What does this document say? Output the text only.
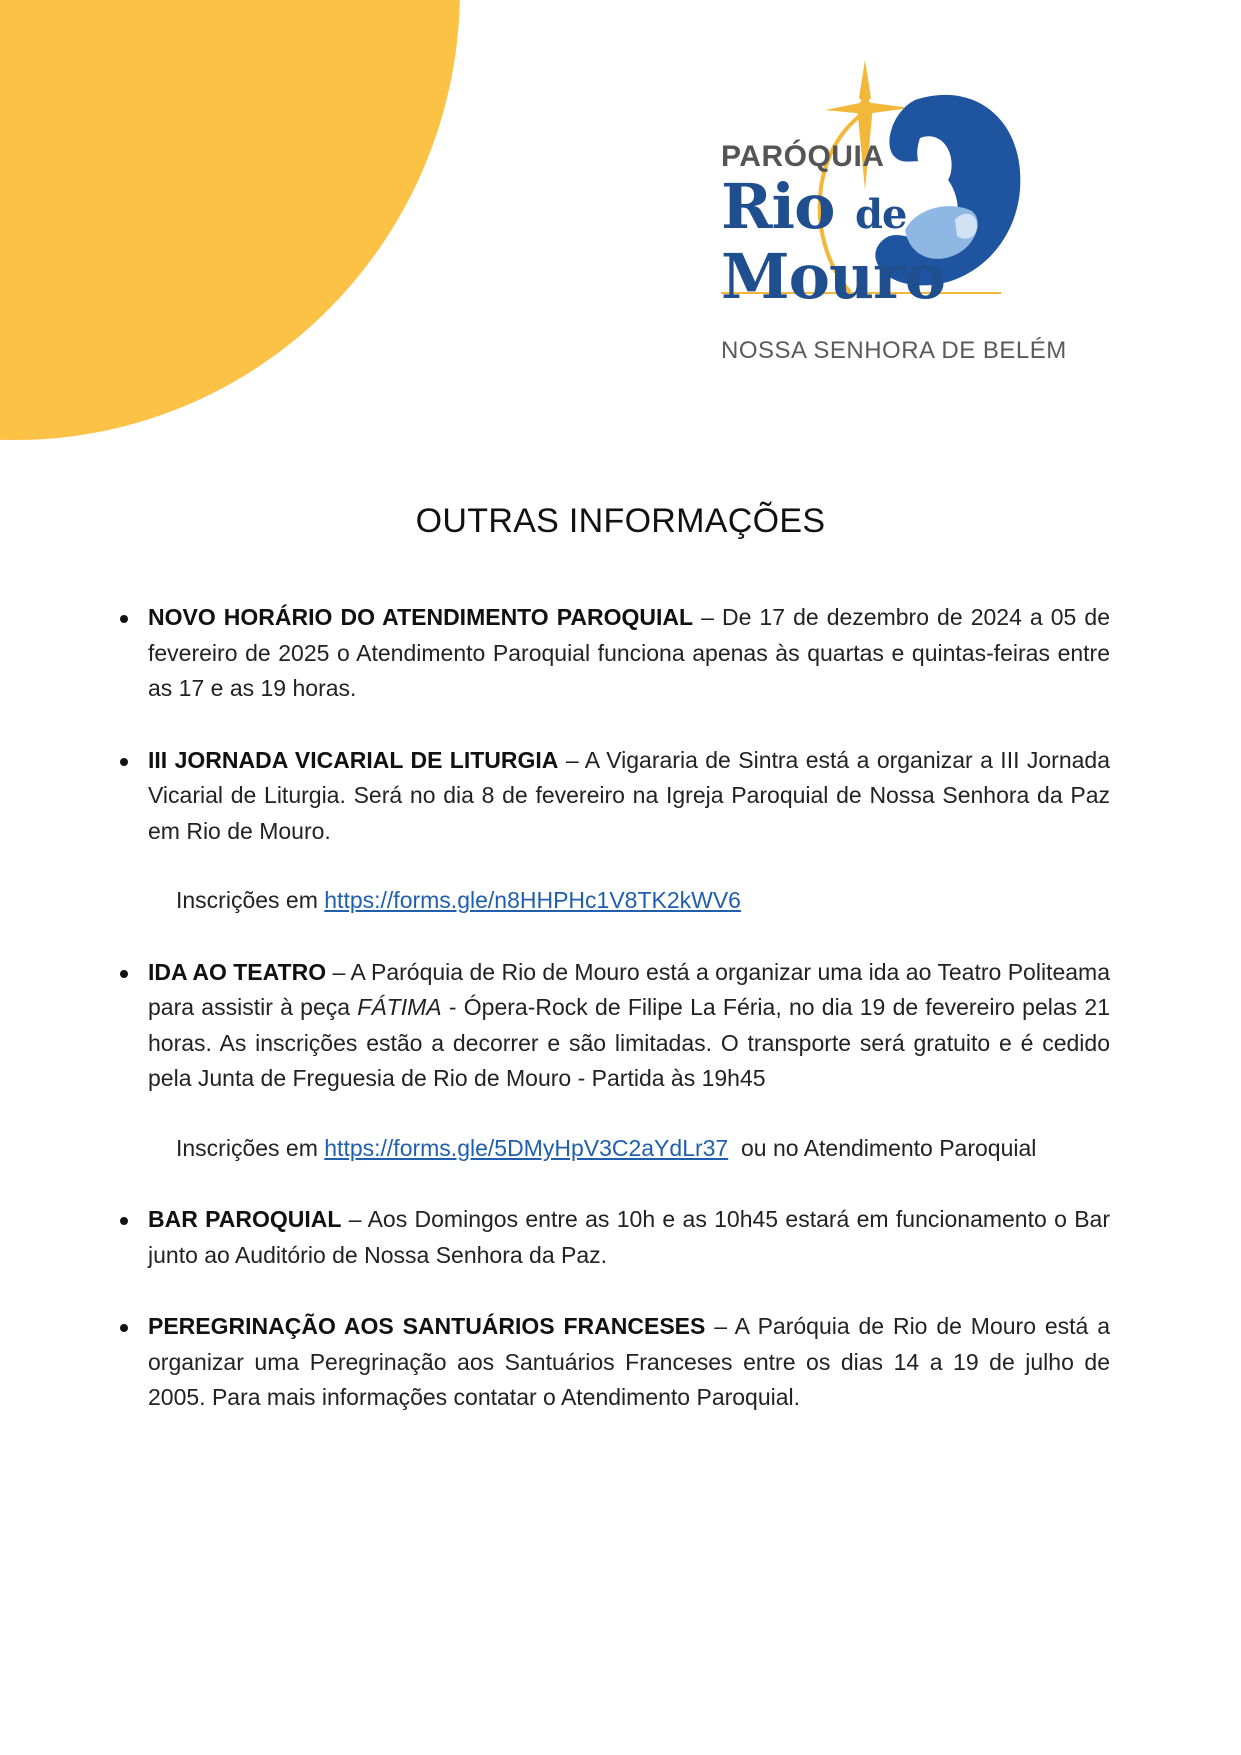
PARÓQUIA
Rio de
Mouro
NOSSA SENHORA DE BELÉM
OUTRAS INFORMAÇÕES
NOVO HORÁRIO DO ATENDIMENTO PAROQUIAL – De 17 de dezembro de 2024 a 05 de fevereiro de 2025 o Atendimento Paroquial funciona apenas às quartas e quintas-feiras entre as 17 e as 19 horas.
III JORNADA VICARIAL DE LITURGIA – A Vigararia de Sintra está a organizar a III Jornada Vicarial de Liturgia. Será no dia 8 de fevereiro na Igreja Paroquial de Nossa Senhora da Paz em Rio de Mouro.
Inscrições em https://forms.gle/n8HHPHc1V8TK2kWV6
IDA AO TEATRO – A Paróquia de Rio de Mouro está a organizar uma ida ao Teatro Politeama para assistir à peça FÁTIMA - Ópera-Rock de Filipe La Féria, no dia 19 de fevereiro pelas 21 horas. As inscrições estão a decorrer e são limitadas. O transporte será gratuito e é cedido pela Junta de Freguesia de Rio de Mouro - Partida às 19h45
Inscrições em https://forms.gle/5DMyHpV3C2aYdLr37  ou no Atendimento Paroquial
BAR PAROQUIAL – Aos Domingos entre as 10h e as 10h45 estará em funcionamento o Bar junto ao Auditório de Nossa Senhora da Paz.
PEREGRINAÇÃO AOS SANTUÁRIOS FRANCESES – A Paróquia de Rio de Mouro está a organizar uma Peregrinação aos Santuários Franceses entre os dias 14 a 19 de julho de 2005. Para mais informações contatar o Atendimento Paroquial.
